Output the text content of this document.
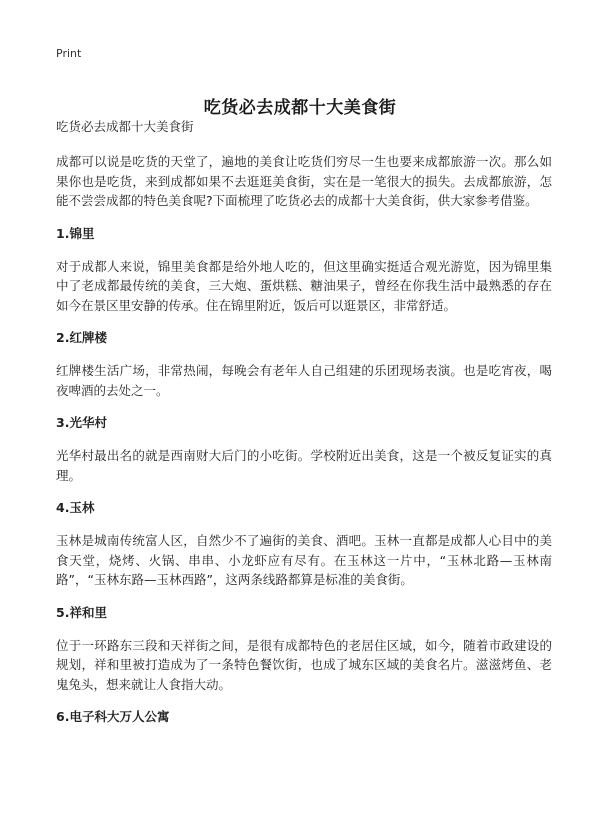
Print
吃货必去成都十大美食街

吃货必去成都十大美食街

成都可以说是吃货的天堂了，遍地的美食让吃货们穷尽一生也要来成都旅游一次。那么如果你也是吃货，来到成都如果不去逛逛美食街，实在是一笔很大的损失。去成都旅游，怎能不尝尝成都的特色美食呢?下面梳理了吃货必去的成都十大美食街，供大家参考借鉴。

1.锦里

对于成都人来说，锦里美食都是给外地人吃的，但这里确实挺适合观光游览，因为锦里集中了老成都最传统的美食，三大炮、蛋烘糕、糖油果子，曾经在你我生活中最熟悉的存在如今在景区里安静的传承。住在锦里附近，饭后可以逛景区，非常舒适。

2.红牌楼

红牌楼生活广场，非常热闹，每晚会有老年人自己组建的乐团现场表演。也是吃宵夜，喝夜啤酒的去处之一。

3.光华村

光华村最出名的就是西南财大后门的小吃街。学校附近出美食，这是一个被反复证实的真理。

4.玉林

玉林是城南传统富人区，自然少不了遍街的美食、酒吧。玉林一直都是成都人心目中的美食天堂，烧烤、火锅、串串、小龙虾应有尽有。在玉林这一片中，“玉林北路—玉林南路”，“玉林东路—玉林西路”，这两条线路都算是标准的美食街。

5.祥和里

位于一环路东三段和天祥街之间，是很有成都特色的老居住区域，如今，随着市政建设的规划，祥和里被打造成为了一条特色餐饮街，也成了城东区域的美食名片。滋滋烤鱼、老鬼兔头，想来就让人食指大动。

6.电子科大万人公寓
